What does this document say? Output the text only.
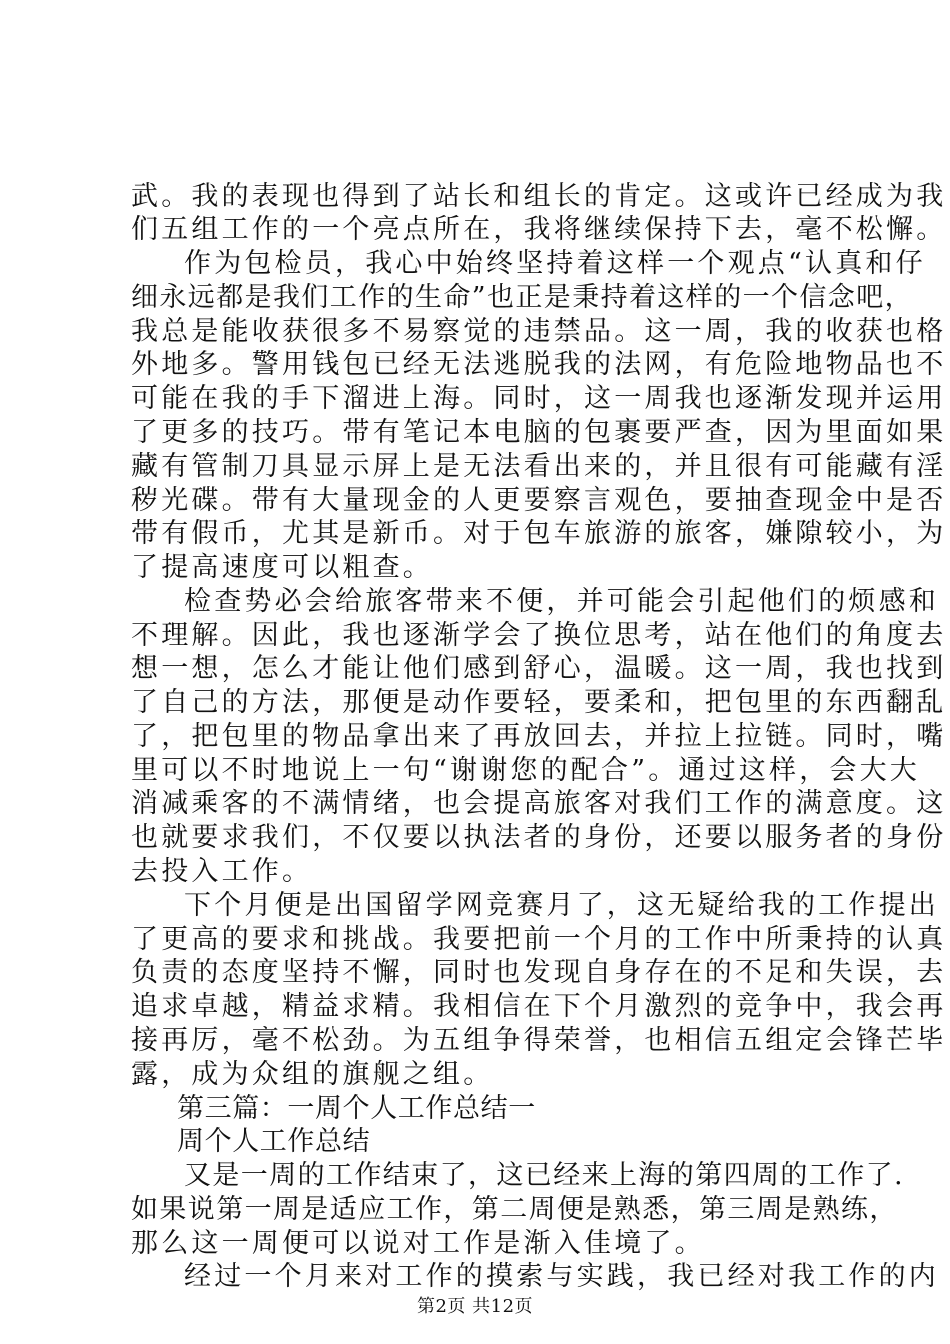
武。我的表现也得到了站长和组长的肯定。这或许已经成为我
们五组工作的一个亮点所在，我将继续保持下去，毫不松懈。
作为包检员，我心中始终坚持着这样一个观点“认真和仔
细永远都是我们工作的生命”也正是秉持着这样的一个信念吧，
我总是能收获很多不易察觉的违禁品。这一周，我的收获也格
外地多。警用钱包已经无法逃脱我的法网，有危险地物品也不
可能在我的手下溜进上海。同时，这一周我也逐渐发现并运用
了更多的技巧。带有笔记本电脑的包裹要严查，因为里面如果
藏有管制刀具显示屏上是无法看出来的，并且很有可能藏有淫
秽光碟。带有大量现金的人更要察言观色，要抽查现金中是否
带有假币，尤其是新币。对于包车旅游的旅客，嫌隙较小，为
了提高速度可以粗查。
检查势必会给旅客带来不便，并可能会引起他们的烦感和
不理解。因此，我也逐渐学会了换位思考，站在他们的角度去
想一想，怎么才能让他们感到舒心，温暖。这一周，我也找到
了自己的方法，那便是动作要轻，要柔和，把包里的东西翻乱
了，把包里的物品拿出来了再放回去，并拉上拉链。同时，嘴
里可以不时地说上一句“谢谢您的配合”。通过这样，会大大
消减乘客的不满情绪，也会提高旅客对我们工作的满意度。这
也就要求我们，不仅要以执法者的身份，还要以服务者的身份
去投入工作。
下个月便是出国留学网竞赛月了，这无疑给我的工作提出
了更高的要求和挑战。我要把前一个月的工作中所秉持的认真
负责的态度坚持不懈，同时也发现自身存在的不足和失误，去
追求卓越，精益求精。我相信在下个月激烈的竞争中，我会再
接再厉，毫不松劲。为五组争得荣誉，也相信五组定会锋芒毕
露，成为众组的旗舰之组。
第三篇：一周个人工作总结一
周个人工作总结
又是一周的工作结束了，这已经来上海的第四周的工作了.
如果说第一周是适应工作，第二周便是熟悉，第三周是熟练，
那么这一周便可以说对工作是渐入佳境了。
经过一个月来对工作的摸索与实践，我已经对我工作的内
第2页 共12页
